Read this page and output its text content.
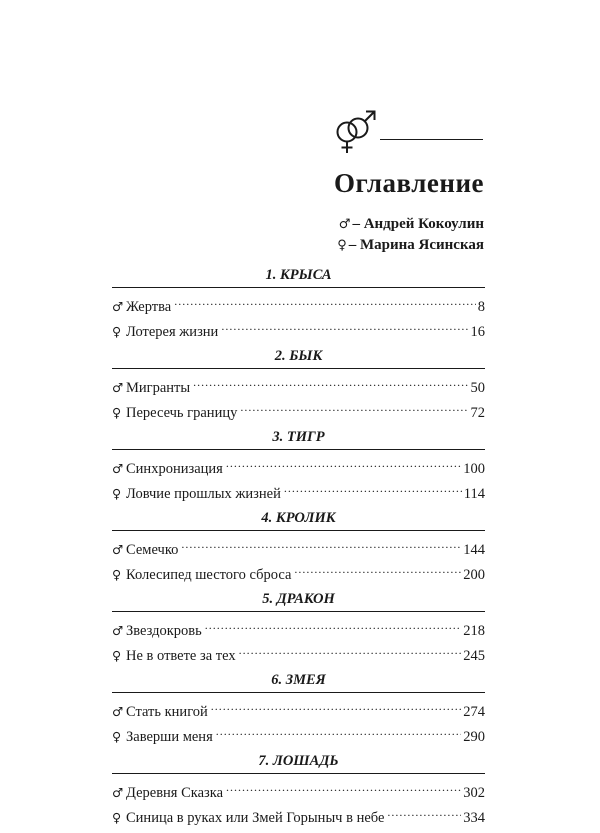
Оглавление
♂ – Андрей Кокоулин
♀ – Марина Ясинская
1. КРЫСА
♂ Жертва .....	8
♀ Лотерея жизни .....	16
2. БЫК
♂ Мигранты .....	50
♀ Пересечь границу .....	72
3. ТИГР
♂ Синхронизация .....	100
♀ Ловчие прошлых жизней .....	114
4. КРОЛИК
♂ Семечко .....	144
♀ Колесипед шестого сброса .....	200
5. ДРАКОН
♂ Звездокровь .....	218
♀ Не в ответе за тех .....	245
6. ЗМЕЯ
♂ Стать книгой .....	274
♀ Заверши меня .....	290
7. ЛОШАДЬ
♂ Деревня Сказка .....	302
♀ Синица в руках или Змей Горыныч в небе .....	334
